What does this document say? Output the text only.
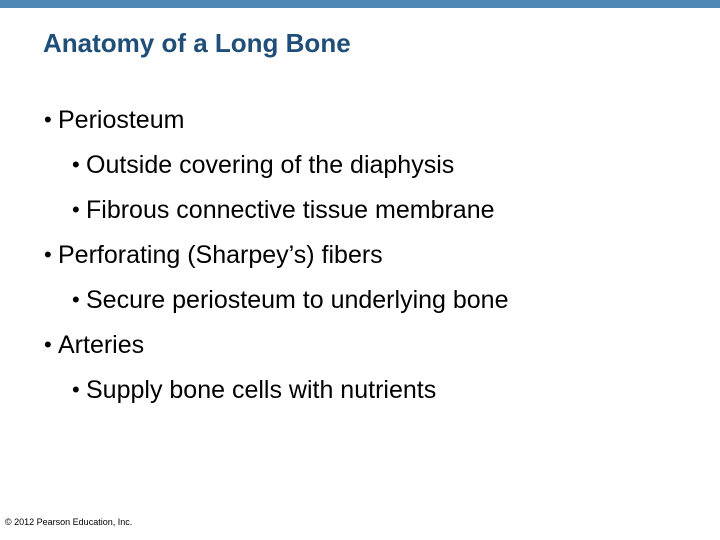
Anatomy of a Long Bone
• Periosteum
• Outside covering of the diaphysis
• Fibrous connective tissue membrane
• Perforating (Sharpey’s) fibers
• Secure periosteum to underlying bone
• Arteries
• Supply bone cells with nutrients
© 2012 Pearson Education, Inc.
